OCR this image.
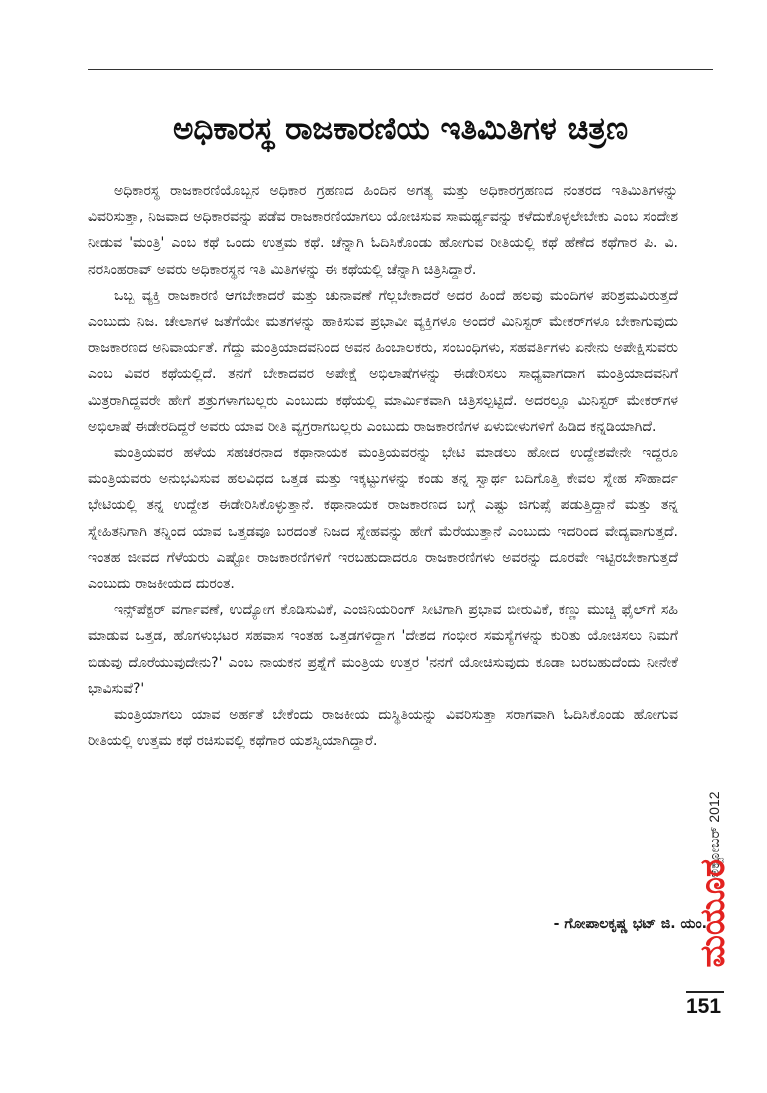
ಅಧಿಕಾರಸ್ಥ ರಾಜಕಾರಣಿಯ ಇತಿಮಿತಿಗಳ ಚಿತ್ರಣ

ಅಧಿಕಾರಸ್ಥ ರಾಜಕಾರಣಿಯೊಬ್ಬನ ಅಧಿಕಾರ ಗ್ರಹಣದ ಹಿಂದಿನ ಅಗತ್ಯ ಮತ್ತು ಅಧಿಕಾರಗ್ರಹಣದ ನಂತರದ ಇತಿಮಿತಿಗಳನ್ನು ವಿವರಿಸುತ್ತಾ, ನಿಜವಾದ ಅಧಿಕಾರವನ್ನು ಪಡೆವ ರಾಜಕಾರಣಿಯಾಗಲು ಯೋಚಿಸುವ ಸಾಮರ್ಥ್ಯವನ್ನು ಕಳೆದುಕೊಳ್ಳಲೇಬೇಕು ಎಂಬ ಸಂದೇಶ ನೀಡುವ 'ಮಂತ್ರಿ' ಎಂಬ ಕಥೆ ಒಂದು ಉತ್ತಮ ಕಥೆ. ಚೆನ್ನಾಗಿ ಓದಿಸಿಕೊಂಡು ಹೋಗುವ ರೀತಿಯಲ್ಲಿ ಕಥೆ ಹೆಣೆದ ಕಥೆಗಾರ ಪಿ. ವಿ. ನರಸಿಂಹರಾವ್ ಅವರು ಅಧಿಕಾರಸ್ಥನ ಇತಿ ಮಿತಿಗಳನ್ನು ಈ ಕಥೆಯಲ್ಲಿ ಚೆನ್ನಾಗಿ ಚಿತ್ರಿಸಿದ್ದಾರೆ.

ಒಬ್ಬ ವ್ಯಕ್ತಿ ರಾಜಕಾರಣಿ ಆಗಬೇಕಾದರೆ ಮತ್ತು ಚುನಾವಣೆ ಗೆಲ್ಲಬೇಕಾದರೆ ಅದರ ಹಿಂದೆ ಹಲವು ಮಂದಿಗಳ ಪರಿಶ್ರಮವಿರುತ್ತದೆ ಎಂಬುದು ನಿಜ. ಚೇಲಾಗಳ ಜತೆಗೆಯೇ ಮತಗಳನ್ನು ಹಾಕಿಸುವ ಪ್ರಭಾವೀ ವ್ಯಕ್ತಿಗಳೂ ಅಂದರೆ ಮಿನಿಸ್ಟರ್ ಮೇಕರ್‌ಗಳೂ ಬೇಕಾಗುವುದು ರಾಜಕಾರಣದ ಅನಿವಾರ್ಯತೆ. ಗೆದ್ದು ಮಂತ್ರಿಯಾದವನಿಂದ ಅವನ ಹಿಂಬಾಲಕರು, ಸಂಬಂಧಿಗಳು, ಸಹವರ್ತಿಗಳು ಏನೇನು ಅಪೇಕ್ಷಿಸುವರು ಎಂಬ ವಿವರ ಕಥೆಯಲ್ಲಿದೆ. ತನಗೆ ಬೇಕಾದವರ ಅಪೇಕ್ಷೆ ಅಭಿಲಾಷೆಗಳನ್ನು ಈಡೇರಿಸಲು ಸಾಧ್ಯವಾಗದಾಗ ಮಂತ್ರಿಯಾದವನಿಗೆ ಮಿತ್ರರಾಗಿದ್ದವರೇ ಹೇಗೆ ಶತ್ರುಗಳಾಗಬಲ್ಲರು ಎಂಬುದು ಕಥೆಯಲ್ಲಿ ಮಾರ್ಮಿಕವಾಗಿ ಚಿತ್ರಿಸಲ್ಪಟ್ಟಿದೆ. ಅದರಲ್ಲೂ ಮಿನಿಸ್ಟರ್ ಮೇಕರ್‌ಗಳ ಅಭಿಲಾಷೆ ಈಡೇರದಿದ್ದರೆ ಅವರು ಯಾವ ರೀತಿ ವ್ಯಗ್ರರಾಗಬಲ್ಲರು ಎಂಬುದು ರಾಜಕಾರಣಿಗಳ ಏಳುಬೀಳುಗಳಿಗೆ ಹಿಡಿದ ಕನ್ನಡಿಯಾಗಿದೆ.

ಮಂತ್ರಿಯವರ ಹಳೆಯ ಸಹಚರನಾದ ಕಥಾನಾಯಕ ಮಂತ್ರಿಯವರನ್ನು ಭೇಟಿ ಮಾಡಲು ಹೋದ ಉದ್ದೇಶವೇನೇ ಇದ್ದರೂ ಮಂತ್ರಿಯವರು ಅನುಭವಿಸುವ ಹಲವಿಧದ ಒತ್ತಡ ಮತ್ತು ಇಕ್ಕಟ್ಟುಗಳನ್ನು ಕಂಡು ತನ್ನ ಸ್ವಾರ್ಥ ಬದಿಗೊತ್ತಿ ಕೇವಲ ಸ್ನೇಹ ಸೌಹಾರ್ದ ಭೇಟಿಯಲ್ಲಿ ತನ್ನ ಉದ್ದೇಶ ಈಡೇರಿಸಿಕೊಳ್ಳುತ್ತಾನೆ. ಕಥಾನಾಯಕ ರಾಜಕಾರಣದ ಬಗ್ಗೆ ಎಷ್ಟು ಜಿಗುಪ್ಸೆ ಪಡುತ್ತಿದ್ದಾನೆ ಮತ್ತು ತನ್ನ ಸ್ನೇಹಿತನಿಗಾಗಿ ತನ್ನಿಂದ ಯಾವ ಒತ್ತಡವೂ ಬರದಂತೆ ನಿಜದ ಸ್ನೇಹವನ್ನು ಹೇಗೆ ಮೆರೆಯುತ್ತಾನೆ ಎಂಬುದು ಇದರಿಂದ ವೇದ್ಯವಾಗುತ್ತದೆ. ಇಂತಹ ಜೀವದ ಗೆಳೆಯರು ಎಷ್ಟೋ ರಾಜಕಾರಣಿಗಳಿಗೆ ಇರಬಹುದಾದರೂ ರಾಜಕಾರಣಿಗಳು ಅವರನ್ನು ದೂರವೇ ಇಟ್ಟಿರಬೇಕಾಗುತ್ತದೆ ಎಂಬುದು ರಾಜಕೀಯದ ದುರಂತ.

ಇನ್ಸ್‌ಪೆಕ್ಟರ್ ವರ್ಗಾವಣೆ, ಉದ್ಯೋಗ ಕೊಡಿಸುವಿಕೆ, ಎಂಜಿನಿಯರಿಂಗ್ ಸೀಟಿಗಾಗಿ ಪ್ರಭಾವ ಬೀರುವಿಕೆ, ಕಣ್ಣು ಮುಚ್ಚಿ ಫೈಲ್‌ಗೆ ಸಹಿ ಮಾಡುವ ಒತ್ತಡ, ಹೊಗಳುಭಟರ ಸಹವಾಸ ಇಂತಹ ಒತ್ತಡಗಳಿದ್ದಾಗ 'ದೇಶದ ಗಂಭೀರ ಸಮಸ್ಯೆಗಳನ್ನು ಕುರಿತು ಯೋಚಿಸಲು ನಿಮಗೆ ಬಿಡುವು ದೊರೆಯುವುದೇನು?' ಎಂಬ ನಾಯಕನ ಪ್ರಶ್ನೆಗೆ ಮಂತ್ರಿಯ ಉತ್ತರ 'ನನಗೆ ಯೋಚಿಸುವುದು ಕೂಡಾ ಬರಬಹುದೆಂದು ನೀನೇಕೆ ಭಾವಿಸುವೆ?'

ಮಂತ್ರಿಯಾಗಲು ಯಾವ ಅರ್ಹತೆ ಬೇಕೆಂದು ರಾಜಕೀಯ ದುಸ್ಥಿತಿಯನ್ನು ವಿವರಿಸುತ್ತಾ ಸರಾಗವಾಗಿ ಓದಿಸಿಕೊಂಡು ಹೋಗುವ ರೀತಿಯಲ್ಲಿ ಉತ್ತಮ ಕಥೆ ರಚಿಸುವಲ್ಲಿ ಕಥೆಗಾರ ಯಶಸ್ವಿಯಾಗಿದ್ದಾರೆ.

- ಗೋಪಾಲಕೃಷ್ಣ ಭಟ್ ಜಿ. ಯಂ.
ಅಕ್ಟೋಬರ್ 2012
ಮಯೂರ
151
